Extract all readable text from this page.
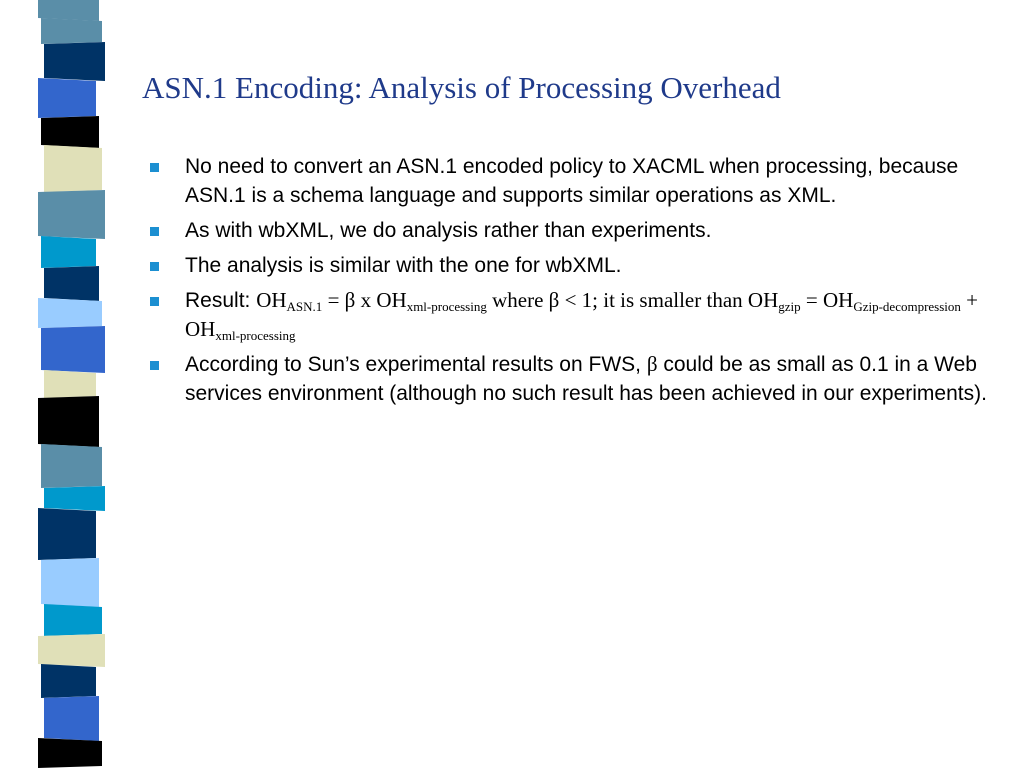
ASN.1 Encoding: Analysis of Processing Overhead
No need to convert an ASN.1 encoded policy to XACML when processing, because ASN.1 is a schema language and supports similar operations as XML.
As with wbXML, we do analysis rather than experiments.
The analysis is similar with the one for wbXML.
Result: $OH_{ASN.1} = \beta$ x $OH_{xml-processing}$ where β < 1; it is smaller than $OH_{gzip} = OH_{Gzip-decompression} + OH_{xml-processing}$
According to Sun’s experimental results on FWS, β could be as small as 0.1 in a Web services environment (although no such result has been achieved in our experiments).
